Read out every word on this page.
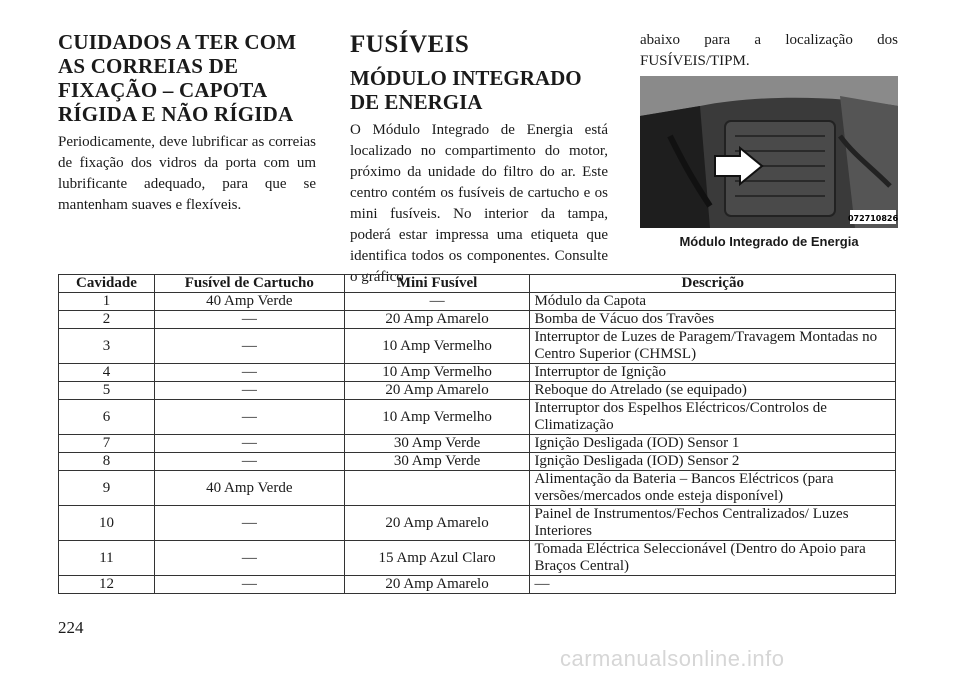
CUIDADOS A TER COM AS CORREIAS DE FIXAÇÃO – CAPOTA RÍGIDA E NÃO RÍGIDA

Periodicamente, deve lubrificar as correias de fixação dos vidros da porta com um lubrificante adequado, para que se mantenham suaves e flexíveis.

FUSÍVEIS
MÓDULO INTEGRADO DE ENERGIA

O Módulo Integrado de Energia está localizado no compartimento do motor, próximo da unidade do filtro do ar. Este centro contém os fusíveis de cartucho e os mini fusíveis. No interior da tampa, poderá estar impressa uma etiqueta que identifica todos os componentes. Consulte o gráfico

abaixo para a localização dos FUSÍVEIS/TIPM.

072710826
Módulo Integrado de Energia
Cavidade	Fusível de Cartucho	Mini Fusível	Descrição
1	40 Amp Verde	—	Módulo da Capota
2	—	20 Amp Amarelo	Bomba de Vácuo dos Travões
3	—	10 Amp Vermelho	Interruptor de Luzes de Paragem/Travagem Montadas no Centro Superior (CHMSL)
4	—	10 Amp Vermelho	Interruptor de Ignição
5	—	20 Amp Amarelo	Reboque do Atrelado (se equipado)
6	—	10 Amp Vermelho	Interruptor dos Espelhos Eléctricos/Controlos de Climatização
7	—	30 Amp Verde	Ignição Desligada (IOD) Sensor 1
8	—	30 Amp Verde	Ignição Desligada (IOD) Sensor 2
9	40 Amp Verde		Alimentação da Bateria – Bancos Eléctricos (para versões/mercados onde esteja disponível)
10	—	20 Amp Amarelo	Painel de Instrumentos/Fechos Centralizados/ Luzes Interiores
11	—	15 Amp Azul Claro	Tomada Eléctrica Seleccionável (Dentro do Apoio para Braços Central)
12	—	20 Amp Amarelo	—
224
carmanualsonline.info
